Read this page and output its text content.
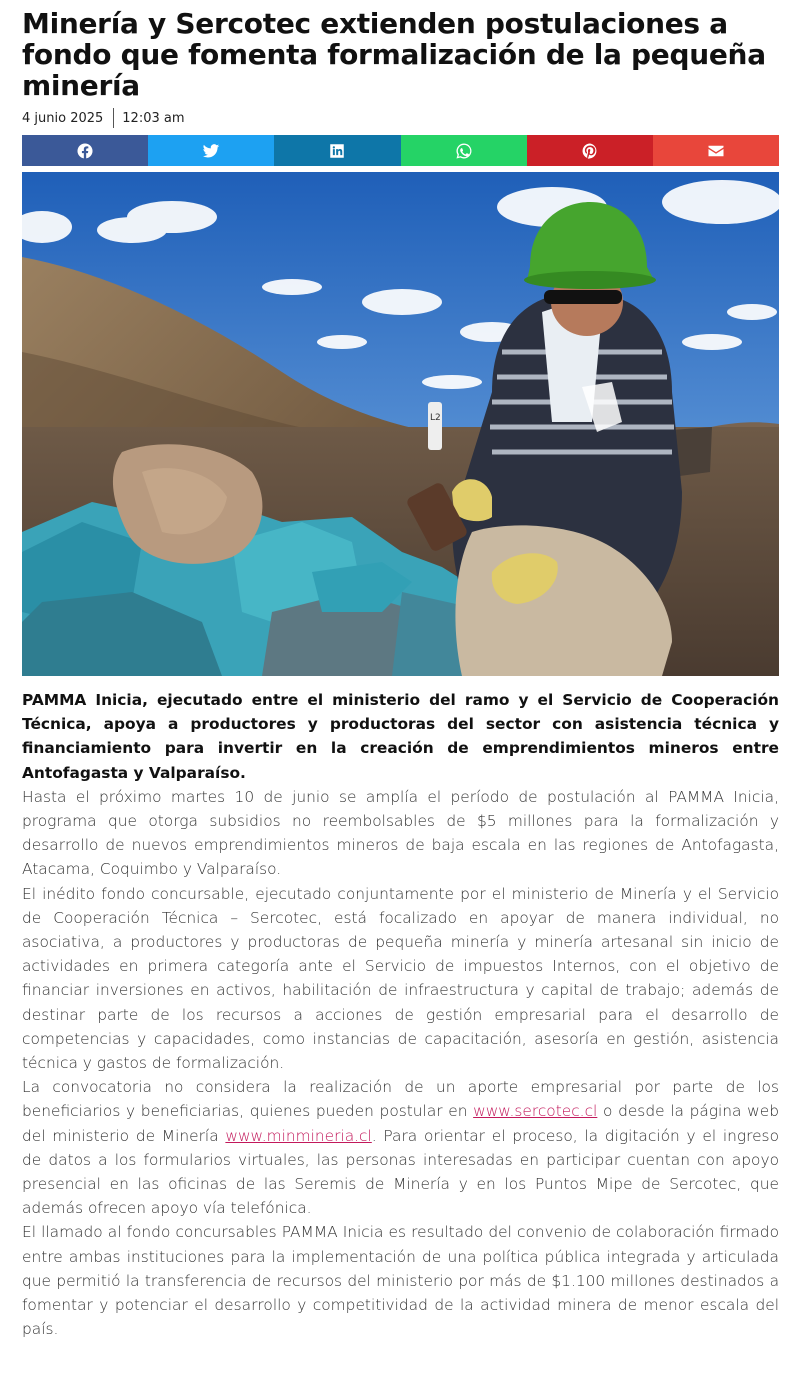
Minería y Sercotec extienden postulaciones a fondo que fomenta formalización de la pequeña minería
4 junio 2025 12:03 am
L2

PAMMA Inicia, ejecutado entre el ministerio del ramo y el Servicio de Cooperación Técnica, apoya a productores y productoras del sector con asistencia técnica y financiamiento para invertir en la creación de emprendimientos mineros entre Antofagasta y Valparaíso.

Hasta el próximo martes 10 de junio se amplía el período de postulación al PAMMA Inicia, programa que otorga subsidios no reembolsables de $5 millones para la formalización y desarrollo de nuevos emprendimientos mineros de baja escala en las regiones de Antofagasta, Atacama, Coquimbo y Valparaíso.

El inédito fondo concursable, ejecutado conjuntamente por el ministerio de Minería y el Servicio de Cooperación Técnica – Sercotec, está focalizado en apoyar de manera individual, no asociativa, a productores y productoras de pequeña minería y minería artesanal sin inicio de actividades en primera categoría ante el Servicio de impuestos Internos, con el objetivo de financiar inversiones en activos, habilitación de infraestructura y capital de trabajo; además de destinar parte de los recursos a acciones de gestión empresarial para el desarrollo de competencias y capacidades, como instancias de capacitación, asesoría en gestión, asistencia técnica y gastos de formalización.

La convocatoria no considera la realización de un aporte empresarial por parte de los beneficiarios y beneficiarias, quienes pueden postular en www.sercotec.cl o desde la página web del ministerio de Minería www.minmineria.cl. Para orientar el proceso, la digitación y el ingreso de datos a los formularios virtuales, las personas interesadas en participar cuentan con apoyo presencial en las oficinas de las Seremis de Minería y en los Puntos Mipe de Sercotec, que además ofrecen apoyo vía telefónica.

El llamado al fondo concursables PAMMA Inicia es resultado del convenio de colaboración firmado entre ambas instituciones para la implementación de una política pública integrada y articulada que permitió la transferencia de recursos del ministerio por más de $1.100 millones destinados a fomentar y potenciar el desarrollo y competitividad de la actividad minera de menor escala del país.
